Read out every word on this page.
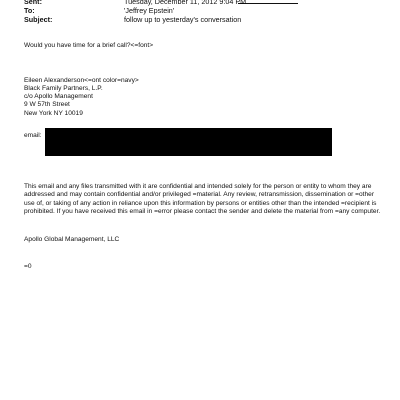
Sent:	Tuesday, December 11, 2012 9:04 PM
To:	'Jeffrey Epstein'
Subject:	follow up to yesterday's conversation
Would you have time for a brief call?<=font>
Eileen Alexanderson<=ont color=navy>
Black Family Partners, L.P.
c/o Apollo Management
9 W 57th Street
New York NY 10019
email:
This email and any files transmitted with it are confidential and intended solely for the person or entity to whom they are addressed and may contain confidential and/or privileged =material. Any review, retransmission, dissemination or =other use of, or taking of any action in reliance upon this information by persons or entities other than the intended =recipient is prohibited. If you have received this email in =error please contact the sender and delete the material from =any computer.
Apollo Global Management, LLC
=0
